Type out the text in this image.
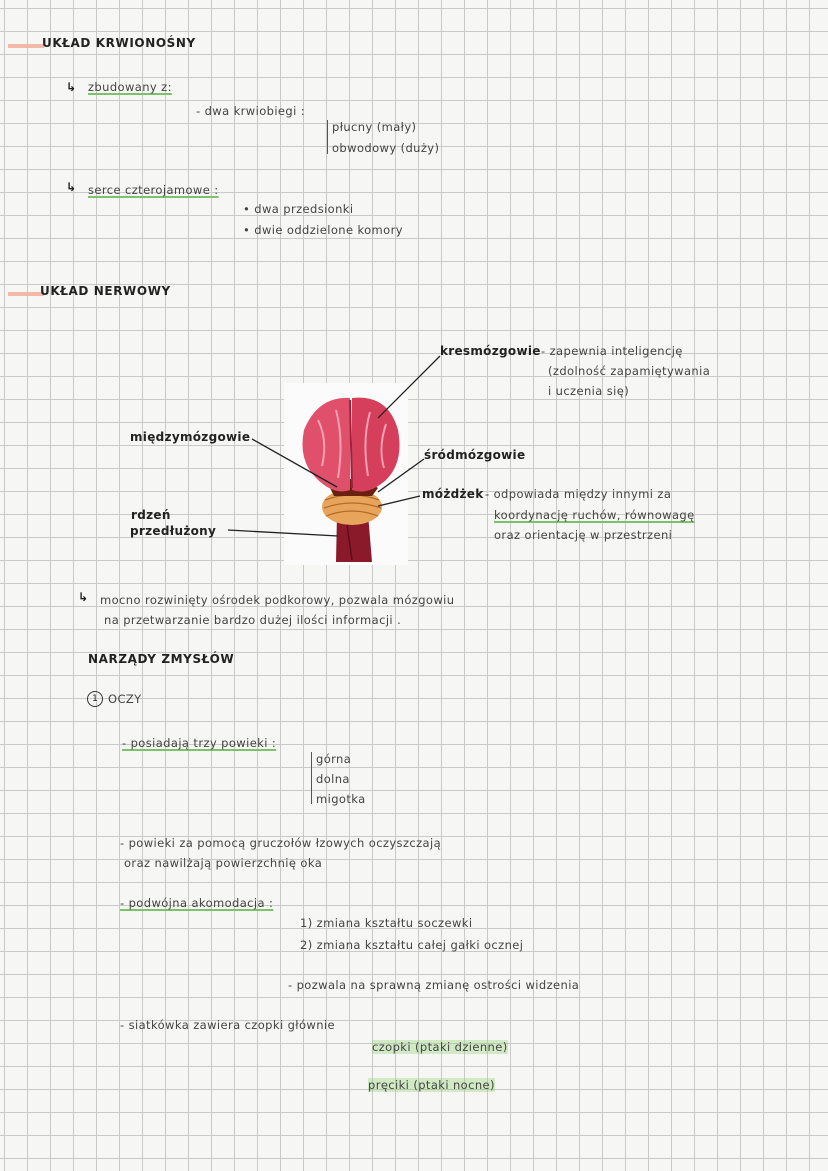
UKŁAD KRWIONOŚNY
↳ zbudowany z:
- dwa krwiobiegi :
płucny (mały)
obwodowy (duży)
↳ serce czterojamowe :
• dwa przedsionki
• dwie oddzielone komory
UKŁAD NERWOWY
kresmózgowie - zapewnia inteligencję
(zdolność zapamiętywania
i uczenia się)
międzymózgowie
śródmózgowie
móżdżek - odpowiada między innymi za
koordynację ruchów, równowagę
oraz orientację w przestrzeni
rdzeń
przedłużony
↳ mocno rozwinięty ośrodek podkorowy, pozwala mózgowiu
na przetwarzanie bardzo dużej ilości informacji .
NARZĄDY ZMYSŁÓW
1 OCZY
- posiadają trzy powieki :
górna
dolna
migotka
- powieki za pomocą gruczołów łzowych oczyszczają
oraz nawilżają powierzchnię oka
- podwójna akomodacja :
1) zmiana kształtu soczewki
2) zmiana kształtu całej gałki ocznej
- pozwala na sprawną zmianę ostrości widzenia
- siatkówka zawiera czopki głównie
czopki (ptaki dzienne)
pręciki (ptaki nocne)
